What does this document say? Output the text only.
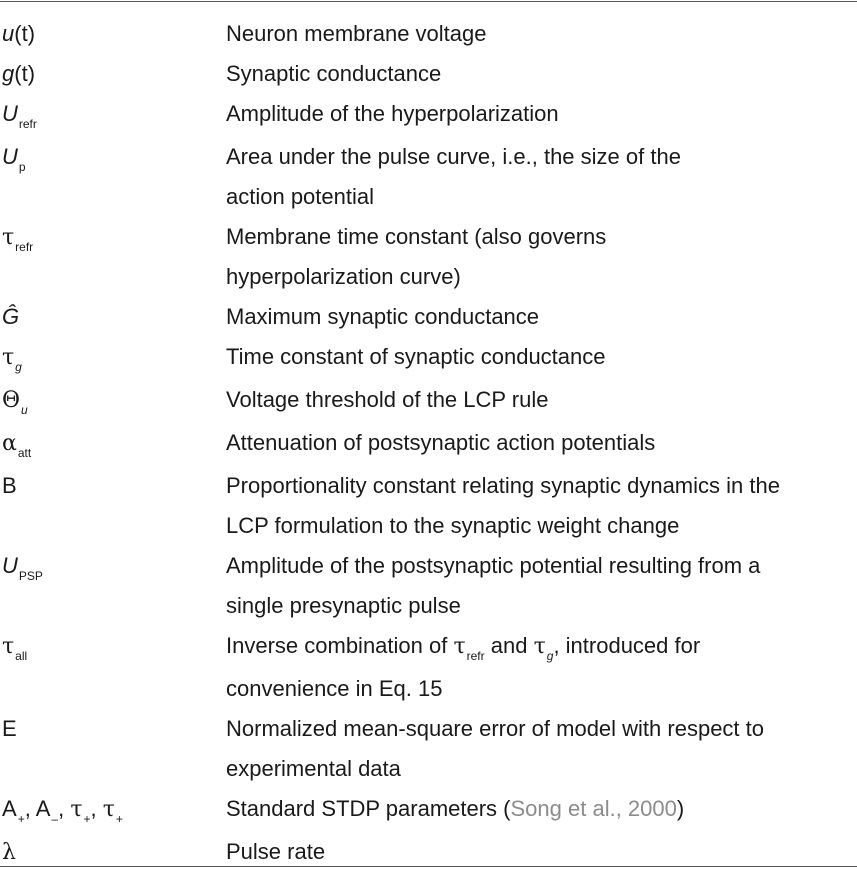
u(t)	Neuron membrane voltage
g(t)	Synaptic conductance
$U_{refr}$	Amplitude of the hyperpolarization
$U_p$	Area under the pulse curve, i.e., the size of the
action potential
$\tau_{refr}$	Membrane time constant (also governs
hyperpolarization curve)
Ĝ	Maximum synaptic conductance
$\tau_g$	Time constant of synaptic conductance
$\Theta_u$	Voltage threshold of the LCP rule
$\alpha_{att}$	Attenuation of postsynaptic action potentials
B	Proportionality constant relating synaptic dynamics in the
LCP formulation to the synaptic weight change
$U_{PSP}$	Amplitude of the postsynaptic potential resulting from a
single presynaptic pulse
$\tau_{all}$	Inverse combination of $\tau_{refr}$ and $\tau_g$, introduced for
convenience in Eq. 15
E	Normalized mean-square error of model with respect to
experimental data
$A_+$, $A_-$, $\tau_+$, $\tau_+$	Standard STDP parameters (Song et al., 2000)
λ	Pulse rate
